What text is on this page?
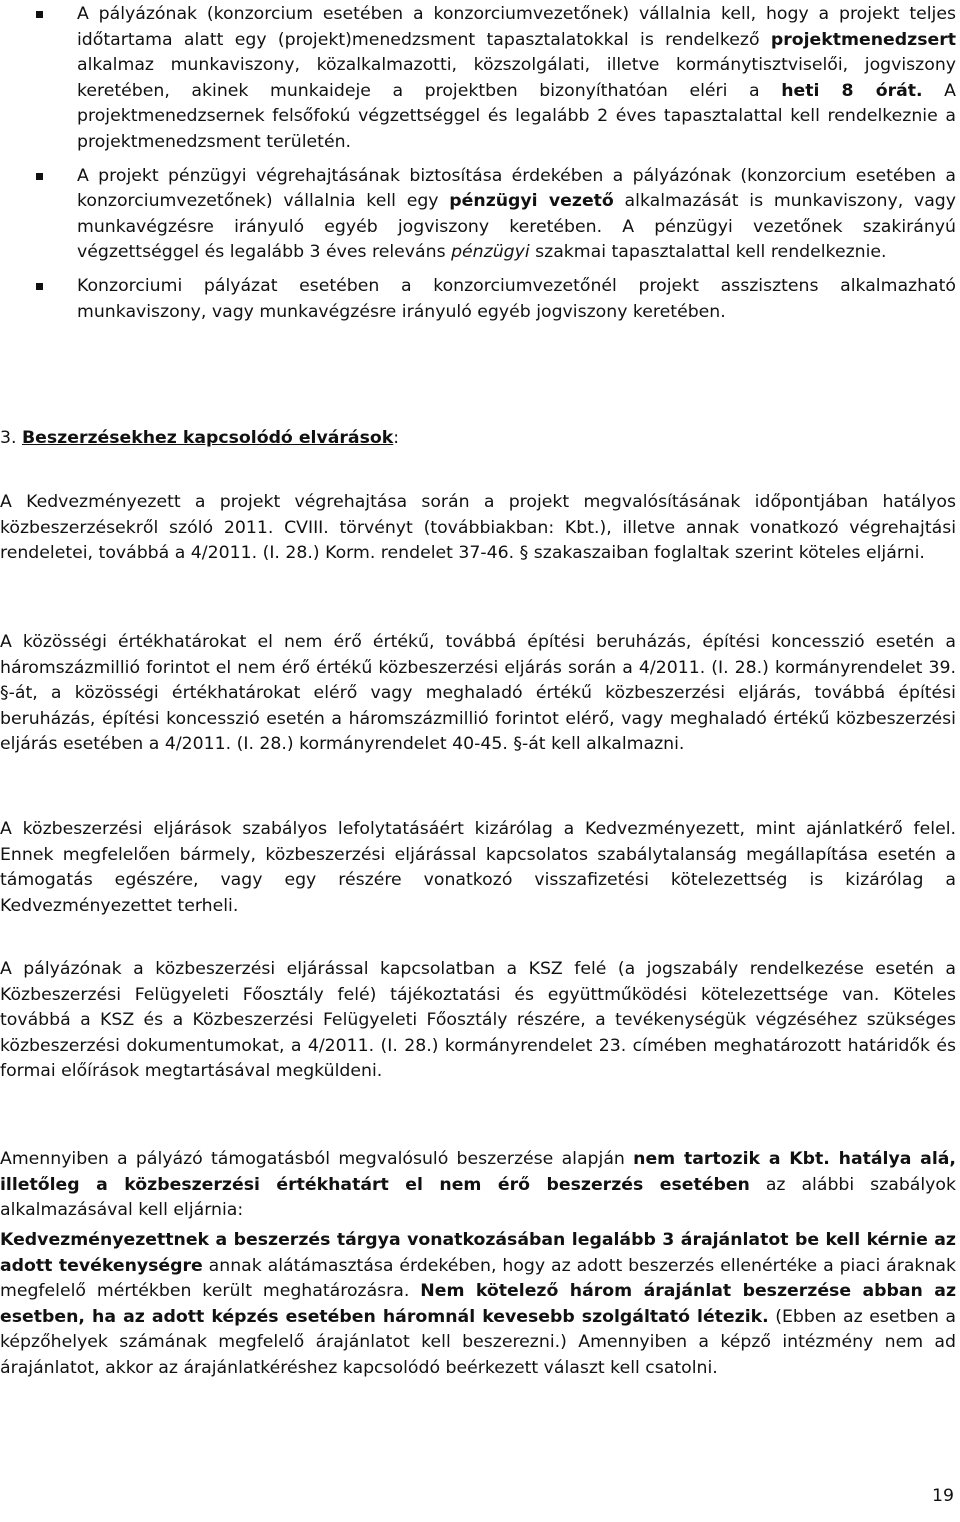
A pályázónak (konzorcium esetében a konzorciumvezetőnek) vállalnia kell, hogy a projekt teljes időtartama alatt egy (projekt)menedzsment tapasztalatokkal is rendelkező projektmenedzsert alkalmaz munkaviszony, közalkalmazotti, közszolgálati, illetve kormánytisztviselői, jogviszony keretében, akinek munkaideje a projektben bizonyíthatóan eléri a heti 8 órát. A projektmenedzsernek felsőfokú végzettséggel és legalább 2 éves tapasztalattal kell rendelkeznie a projektmenedzsment területén.

A projekt pénzügyi végrehajtásának biztosítása érdekében a pályázónak (konzorcium esetében a konzorciumvezetőnek) vállalnia kell egy pénzügyi vezető alkalmazását is munkaviszony, vagy munkavégzésre irányuló egyéb jogviszony keretében. A pénzügyi vezetőnek szakirányú végzettséggel és legalább 3 éves releváns pénzügyi szakmai tapasztalattal kell rendelkeznie.

Konzorciumi pályázat esetében a konzorciumvezetőnél projekt asszisztens alkalmazható munkaviszony, vagy munkavégzésre irányuló egyéb jogviszony keretében.

3. Beszerzésekhez kapcsolódó elvárások:

A Kedvezményezett a projekt végrehajtása során a projekt megvalósításának időpontjában hatályos közbeszerzésekről szóló 2011. CVIII. törvényt (továbbiakban: Kbt.), illetve annak vonatkozó végrehajtási rendeletei, továbbá a 4/2011. (I. 28.) Korm. rendelet 37-46. § szakaszaiban foglaltak szerint köteles eljárni.

A közösségi értékhatárokat el nem érő értékű, továbbá építési beruházás, építési koncesszió esetén a háromszázmillió forintot el nem érő értékű közbeszerzési eljárás során a 4/2011. (I. 28.) kormányrendelet 39. §-át, a közösségi értékhatárokat elérő vagy meghaladó értékű közbeszerzési eljárás, továbbá építési beruházás, építési koncesszió esetén a háromszázmillió forintot elérő, vagy meghaladó értékű közbeszerzési eljárás esetében a 4/2011. (I. 28.) kormányrendelet 40-45. §-át kell alkalmazni.

A közbeszerzési eljárások szabályos lefolytatásáért kizárólag a Kedvezményezett, mint ajánlatkérő felel. Ennek megfelelően bármely, közbeszerzési eljárással kapcsolatos szabálytalanság megállapítása esetén a támogatás egészére, vagy egy részére vonatkozó visszafizetési kötelezettség is kizárólag a Kedvezményezettet terheli.

A pályázónak a közbeszerzési eljárással kapcsolatban a KSZ felé (a jogszabály rendelkezése esetén a Közbeszerzési Felügyeleti Főosztály felé) tájékoztatási és együttműködési kötelezettsége van. Köteles továbbá a KSZ és a Közbeszerzési Felügyeleti Főosztály részére, a tevékenységük végzéséhez szükséges közbeszerzési dokumentumokat, a 4/2011. (I. 28.) kormányrendelet 23. címében meghatározott határidők és formai előírások megtartásával megküldeni.

Amennyiben a pályázó támogatásból megvalósuló beszerzése alapján nem tartozik a Kbt. hatálya alá, illetőleg a közbeszerzési értékhatárt el nem érő beszerzés esetében az alábbi szabályok alkalmazásával kell eljárnia:

Kedvezményezettnek a beszerzés tárgya vonatkozásában legalább 3 árajánlatot be kell kérnie az adott tevékenységre annak alátámasztása érdekében, hogy az adott beszerzés ellenértéke a piaci áraknak megfelelő mértékben került meghatározásra. Nem kötelező három árajánlat beszerzése abban az esetben, ha az adott képzés esetében háromnál kevesebb szolgáltató létezik. (Ebben az esetben a képzőhelyek számának megfelelő árajánlatot kell beszerezni.) Amennyiben a képző intézmény nem ad árajánlatot, akkor az árajánlatkéréshez kapcsolódó beérkezett választ kell csatolni.

19
